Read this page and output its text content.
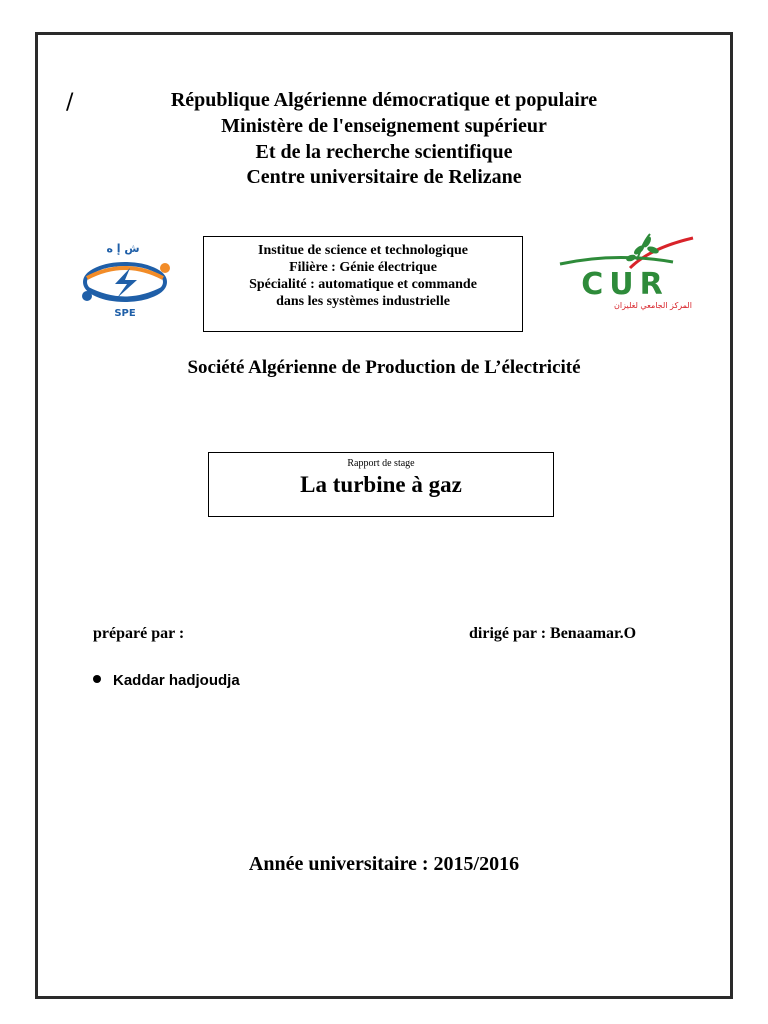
/	République Algérienne démocratique et populaire
Ministère de l'enseignement supérieur
Et de la recherche scientifique
Centre universitaire de Relizane
ش إ ه
SPE
Institue de science et technologique
Filière : Génie électrique
Spécialité : automatique et commande
dans les systèmes industrielle	CUR
المركز الجامعي لغليزان
Société Algérienne de Production de L’électricité
Rapport de stage
La turbine à gaz
préparé par :	dirigé par : Benaamar.O
Kaddar hadjoudja
Année universitaire : 2015/2016
